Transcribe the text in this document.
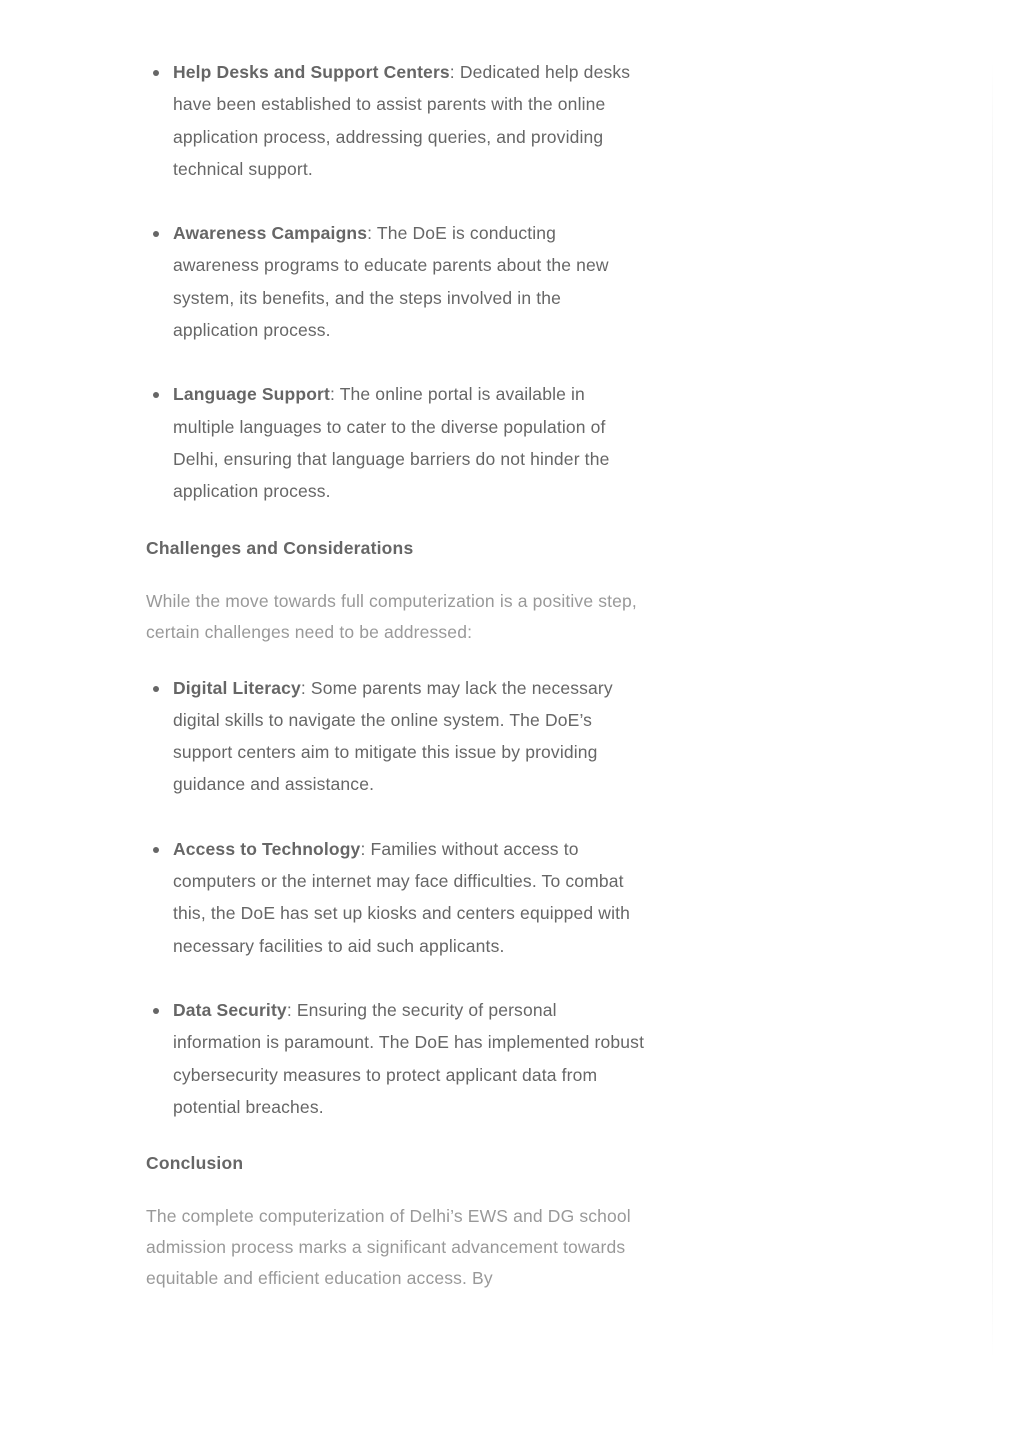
Help Desks and Support Centers: Dedicated help desks have been established to assist parents with the online application process, addressing queries, and providing technical support.
Awareness Campaigns: The DoE is conducting awareness programs to educate parents about the new system, its benefits, and the steps involved in the application process.
Language Support: The online portal is available in multiple languages to cater to the diverse population of Delhi, ensuring that language barriers do not hinder the application process.
Challenges and Considerations

While the move towards full computerization is a positive step, certain challenges need to be addressed:

Digital Literacy: Some parents may lack the necessary digital skills to navigate the online system. The DoE’s support centers aim to mitigate this issue by providing guidance and assistance.
Access to Technology: Families without access to computers or the internet may face difficulties. To combat this, the DoE has set up kiosks and centers equipped with necessary facilities to aid such applicants.
Data Security: Ensuring the security of personal information is paramount. The DoE has implemented robust cybersecurity measures to protect applicant data from potential breaches.
Conclusion

The complete computerization of Delhi’s EWS and DG school admission process marks a significant advancement towards equitable and efficient education access. By
